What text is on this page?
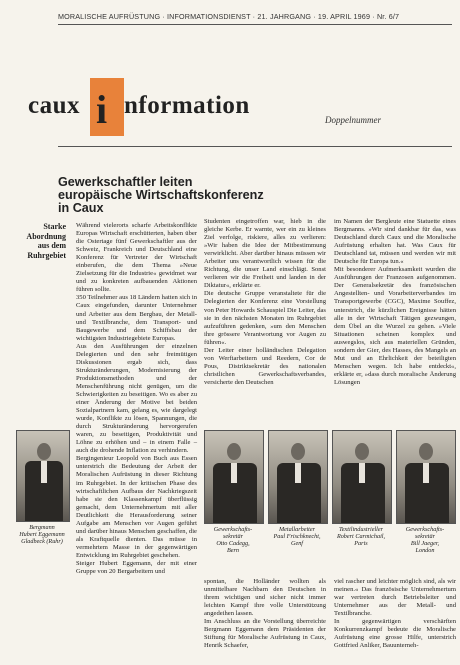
MORALISCHE AUFRÜSTUNG · INFORMATIONSDIENST · 21. JAHRGANG · 19. APRIL 1969 · Nr. 6/7
caux i nformation
Doppelnummer
Gewerkschaftler leiten
europäische Wirtschaftskonferenz
in Caux
Starke
Abordnung
aus dem
Ruhrgebiet
Während vielerorts scharfe Arbeitskonflikte Europas Wirtschaft erschütterten, haben über die Ostertage fünf Gewerkschaftler aus der Schweiz, Frankreich und Deutschland eine Konferenz für Vertreter der Wirtschaft einberufen, die dem Thema »Neue Zielsetzung für die Industrie« gewidmet war und zu konkreten aufbauenden Aktionen führen sollte.
350 Teilnehmer aus 18 Ländern hatten sich in Caux eingefunden, darunter Unternehmer und Arbeiter aus dem Bergbau, der Metall- und Textilbranche, dem Transport- und Baugewerbe und dem Schiffsbau der wichtigsten Industriegebiete Europas.
Aus den Ausführungen der einzelnen Delegierten und den sehr freimütigen Diskussionen ergab sich, dass Strukturänderungen, Modernisierung der Produktionsmethoden und der Menschenführung nicht genügen, um die Schwierigkeiten zu beseitigen. Wo es aber zu einer Änderung der Motive bei beiden Sozialpartnern kam, gelang es, wie dargelegt wurde, Konflikte zu lösen, Spannungen, die durch Strukturänderung hervorgerufen waren, zu beseitigen, Produktivität und Löhne zu erhöhen und – in einem Falle – auch die drohende Inflation zu verhindern.
Bergingenieur Leopold von Buch aus Essen unterstrich die Bedeutung der Arbeit der Moralischen Aufrüstung in dieser Richtung im Ruhrgebiet. In der kritischen Phase des wirtschaftlichen Aufbaus der Nachkriegszeit habe sie den Klassenkampf überflüssig gemacht, dem Unternehmertum mit aller Deutlichkeit die Herausforderung seiner Aufgabe am Menschen vor Augen geführt und darüber hinaus Menschen geschaffen, die als Kraftquelle dienten. Das müsse in vermehrtem Masse in der gegenwärtigen Entwicklung im Ruhrgebiet geschehen.
Steiger Hubert Eggemann, der mit einer Gruppe von 20 Bergarbeitern und
Studenten eingetroffen war, hieb in die gleiche Kerbe. Er warnte, wer ein zu kleines Ziel verfolge, riskiere, alles zu verlieren: »Wir haben die Idee der Mitbestimmung verwirklicht. Aber darüber hinaus müssen wir Arbeiter uns verantwortlich wissen für die Richtung, die unser Land einschlägt. Sonst verlieren wir die Freiheit und landen in der Diktatur«, erklärte er.
Die deutsche Gruppe veranstaltete für die Delegierten der Konferenz eine Vorstellung von Peter Howards Schauspiel Die Leiter, das sie in den nächsten Monaten im Ruhrgebiet aufzuführen gedenken, »um den Menschen ihre grössere Verantwortung vor Augen zu führen«.
Der Leiter einer holländischen Delegation von Werftarbeitern und Reedern, Cor de Pous, Distriktsekretär des nationalen christlichen Gewerkschaftsverbandes, versicherte den Deutschen
im Namen der Bergleute eine Statuette eines Bergmanns. »Wir sind dankbar für das, was Deutschland durch Caux und die Moralische Aufrüstung erhalten hat. Was Caux für Deutschland tat, müssen und werden wir mit Deutsche für Europa tun.«
Mit besonderer Aufmerksamkeit wurden die Ausführungen der Franzosen aufgenommen. Der Generalsekretär des französischen Angestellten- und Vorarbeiterverbandes im Transportgewerbe (CGC), Maxime Souffez, unterstrich, die kürzlichen Ereignisse hätten alle in der Wirtschaft Tätigen gezwungen, dem Übel an die Wurzel zu gehen. »Viele Situationen scheinen komplex und auswegslos, sich aus materiellen Gründen, sondern der Gier, des Hasses, des Mangels an Mut und an Ehrlichkeit der beteiligten Menschen wegen. Ich habe entdeckt«, erklärte er, »dass durch moralische Änderung Lösungen
Bergmann
Hubert Eggemann
Gladbeck (Ruhr)
Gewerkschafts-
sekretär
Otto Cadegg,
Bern
Metallarbeiter
Paul Frischknecht,
Genf
Textilindustrieller
Robert Carmichail,
Paris
Gewerkschafts-
sekretär
Bill Jaeger,
London
spontan, die Holländer wollten als unmittelbare Nachbarn den Deutschen in ihrem wichtigen und sicher nicht immer leichten Kampf ihre volle Unterstützung angedeihen lassen.
Im Anschluss an die Vorstellung überreichte Bergmann Eggemann dem Präsidenten der Stiftung für Moralische Aufrüstung in Caux, Henrik Schaefer,
viel rascher und leichter möglich sind, als wir meinen.« Das französische Unternehmertum war vertreten durch Betriebsleiter und Unternehmer aus der Metall- und Textilbranche.
In gegenwärtigen verschärften Konkurrenzkampf bedeute die Moralische Aufrüstung eine grosse Hilfe, unterstrich Gottfried Anliker, Bauunterneh-
